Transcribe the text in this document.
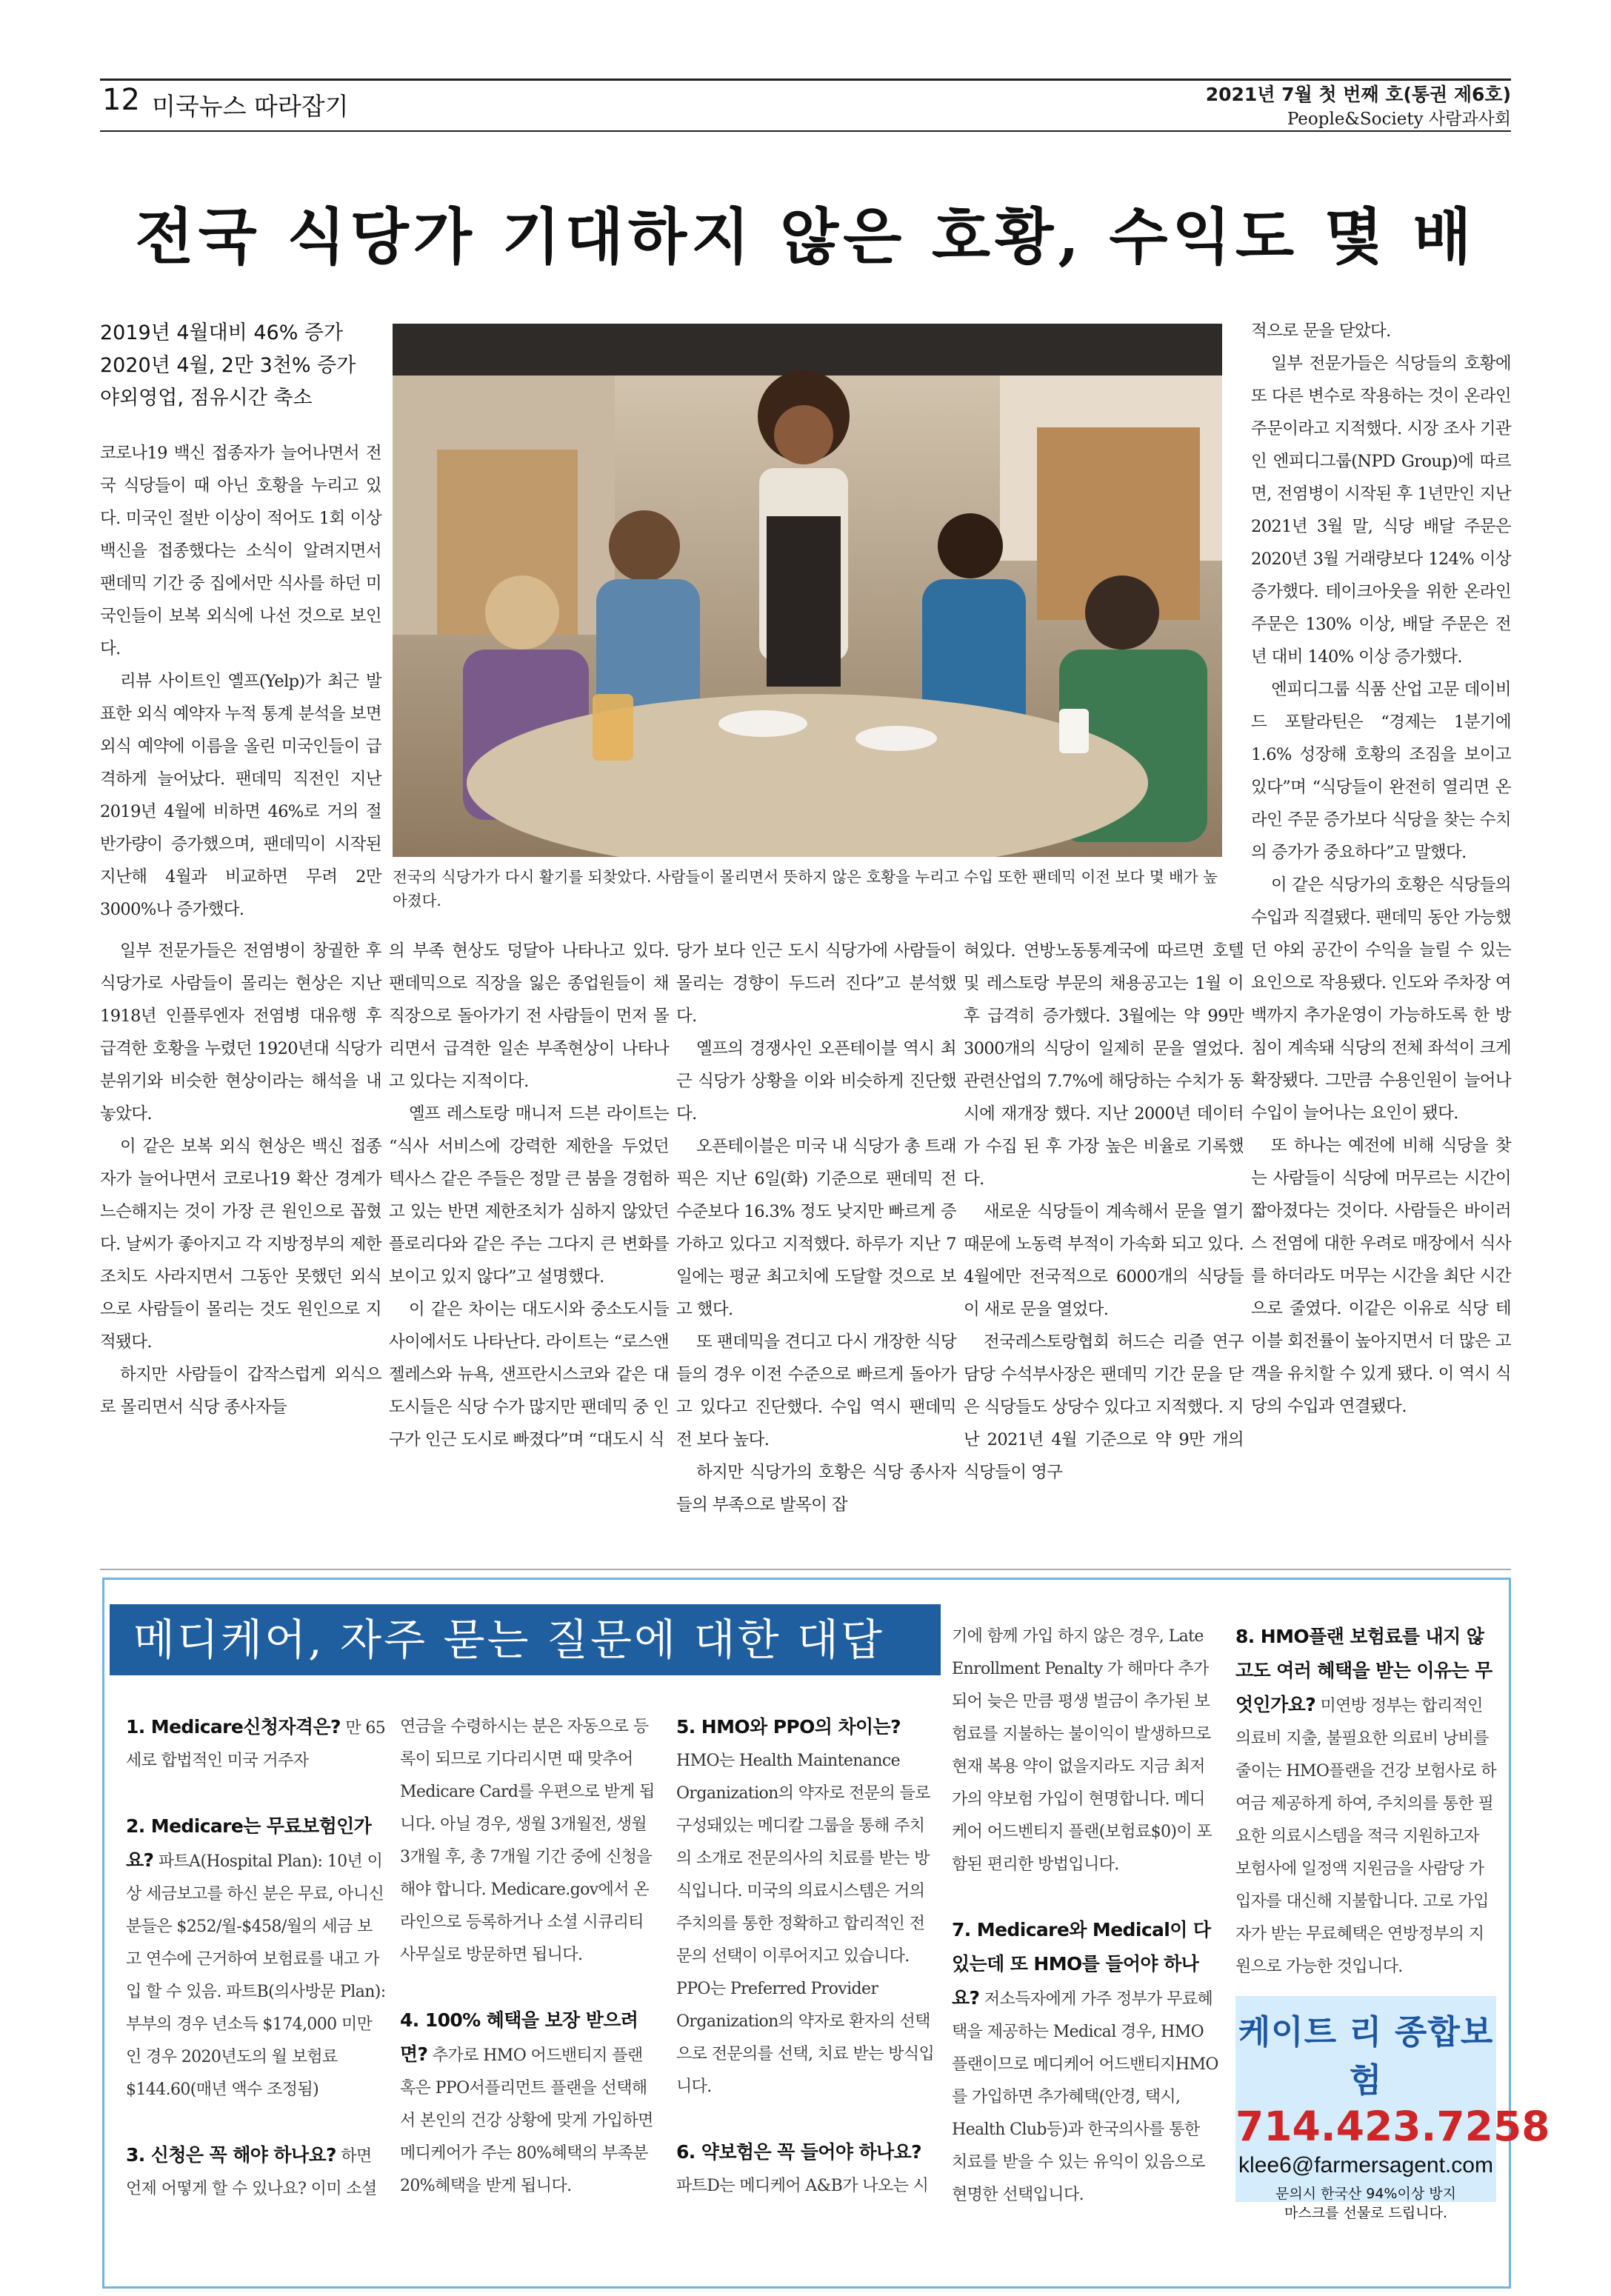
12 미국뉴스 따라잡기	2021년 7월 첫 번째 호(통권 제6호)
People&Society 사람과사회
전국 식당가 기대하지 않은 호황, 수익도 몇 배
2019년 4월대비 46% 증가
2020년 4월, 2만 3천% 증가
야외영업, 점유시간 축소

코로나19 백신 접종자가 늘어나면서 전국 식당들이 때 아닌 호황을 누리고 있다. 미국인 절반 이상이 적어도 1회 이상 백신을 접종했다는 소식이 알려지면서 팬데믹 기간 중 집에서만 식사를 하던 미국인들이 보복 외식에 나선 것으로 보인다.

리뷰 사이트인 옐프(Yelp)가 최근 발표한 외식 예약자 누적 통계 분석을 보면 외식 예약에 이름을 올린 미국인들이 급격하게 늘어났다. 팬데믹 직전인 지난 2019년 4월에 비하면 46%로 거의 절반가량이 증가했으며, 팬데믹이 시작된 지난해 4월과 비교하면 무려 2만 3000%나 증가했다.

전국의 식당가가 다시 활기를 되찾았다. 사람들이 몰리면서 뜻하지 않은 호황을 누리고 수입 또한 팬데믹 이전 보다 몇 배가 높아졌다.

일부 전문가들은 전염병이 창궐한 후 식당가로 사람들이 몰리는 현상은 지난 1918년 인플루엔자 전염병 대유행 후 급격한 호황을 누렸던 1920년대 식당가 분위기와 비슷한 현상이라는 해석을 내놓았다.

이 같은 보복 외식 현상은 백신 접종자가 늘어나면서 코로나19 확산 경계가 느슨해지는 것이 가장 큰 원인으로 꼽혔다. 날씨가 좋아지고 각 지방정부의 제한조치도 사라지면서 그동안 못했던 외식으로 사람들이 몰리는 것도 원인으로 지적됐다.

하지만 사람들이 갑작스럽게 외식으로 몰리면서 식당 종사자들

의 부족 현상도 덩달아 나타나고 있다. 팬데믹으로 직장을 잃은 종업원들이 채 직장으로 돌아가기 전 사람들이 먼저 몰리면서 급격한 일손 부족현상이 나타나고 있다는 지적이다.

옐프 레스토랑 매니저 드븐 라이트는 “식사 서비스에 강력한 제한을 두었던 텍사스 같은 주들은 정말 큰 붐을 경험하고 있는 반면 제한조치가 심하지 않았던 플로리다와 같은 주는 그다지 큰 변화를 보이고 있지 않다”고 설명했다.

이 같은 차이는 대도시와 중소도시들 사이에서도 나타난다. 라이트는 “로스앤젤레스와 뉴욕, 샌프란시스코와 같은 대도시들은 식당 수가 많지만 팬데믹 중 인구가 인근 도시로 빠졌다”며 “대도시 식

당가 보다 인근 도시 식당가에 사람들이 몰리는 경향이 두드러 진다”고 분석했다.

옐프의 경쟁사인 오픈테이블 역시 최근 식당가 상황을 이와 비슷하게 진단했다.

오픈테이블은 미국 내 식당가 총 트래픽은 지난 6일(화) 기준으로 팬데믹 전 수준보다 16.3% 정도 낮지만 빠르게 증가하고 있다고 지적했다. 하루가 지난 7일에는 평균 최고치에 도달할 것으로 보고 했다.

또 팬데믹을 견디고 다시 개장한 식당들의 경우 이전 수준으로 빠르게 돌아가고 있다고 진단했다. 수입 역시 팬데믹 전 보다 높다.

하지만 식당가의 호황은 식당 종사자들의 부족으로 발목이 잡

혀있다. 연방노동통계국에 따르면 호텔 및 레스토랑 부문의 채용공고는 1월 이후 급격히 증가했다. 3월에는 약 99만 3000개의 식당이 일제히 문을 열었다. 관련산업의 7.7%에 해당하는 수치가 동시에 재개장 했다. 지난 2000년 데이터가 수집 된 후 가장 높은 비율로 기록했다.

새로운 식당들이 계속해서 문을 열기 때문에 노동력 부적이 가속화 되고 있다. 4월에만 전국적으로 6000개의 식당들이 새로 문을 열었다.

전국레스토랑협회 허드슨 리즐 연구담당 수석부사장은 팬데믹 기간 문을 닫은 식당들도 상당수 있다고 지적했다. 지난 2021년 4월 기준으로 약 9만 개의 식당들이 영구

적으로 문을 닫았다.

일부 전문가들은 식당들의 호황에 또 다른 변수로 작용하는 것이 온라인 주문이라고 지적했다. 시장 조사 기관인 엔피디그룹(NPD Group)에 따르면, 전염병이 시작된 후 1년만인 지난 2021년 3월 말, 식당 배달 주문은 2020년 3월 거래량보다 124% 이상 증가했다. 테이크아웃을 위한 온라인 주문은 130% 이상, 배달 주문은 전년 대비 140% 이상 증가했다.

엔피디그룹 식품 산업 고문 데이비드 포탈라틴은 “경제는 1분기에 1.6% 성장해 호황의 조짐을 보이고 있다”며 “식당들이 완전히 열리면 온라인 주문 증가보다 식당을 찾는 수치의 증가가 중요하다”고 말했다.

이 같은 식당가의 호황은 식당들의 수입과 직결됐다. 팬데믹 동안 가능했던 야외 공간이 수익을 늘릴 수 있는 요인으로 작용됐다. 인도와 주차장 여백까지 추가운영이 가능하도록 한 방침이 계속돼 식당의 전체 좌석이 크게 확장됐다. 그만큼 수용인원이 늘어나 수입이 늘어나는 요인이 됐다.

또 하나는 예전에 비해 식당을 찾는 사람들이 식당에 머무르는 시간이 짧아졌다는 것이다. 사람들은 바이러스 전염에 대한 우려로 매장에서 식사를 하더라도 머무는 시간을 최단 시간으로 줄였다. 이같은 이유로 식당 테이블 회전률이 높아지면서 더 많은 고객을 유치할 수 있게 됐다. 이 역시 식당의 수입과 연결됐다.

메디케어, 자주 묻는 질문에 대한 대답
1. Medicare신청자격은? 만 65세로 합법적인 미국 거주자
2. Medicare는 무료보험인가요? 파트A(Hospital Plan): 10년 이상 세금보고를 하신 분은 무료, 아니신 분들은 $252/월-$458/월의 세금 보고 연수에 근거하여 보험료를 내고 가입 할 수 있음. 파트B(의사방문 Plan): 부부의 경우 년소득 $174,000 미만인 경우 2020년도의 월 보험료 $144.60(매년 액수 조정됨)
3. 신청은 꼭 해야 하나요? 하면 언제 어떻게 할 수 있나요? 이미 소셜
연금을 수령하시는 분은 자동으로 등록이 되므로 기다리시면 때 맞추어 Medicare Card를 우편으로 받게 됩니다. 아닐 경우, 생월 3개월전, 생월 3개월 후, 총 7개월 기간 중에 신청을 해야 합니다. Medicare.gov에서 온라인으로 등록하거나 소셜 시큐리티 사무실로 방문하면 됩니다.
4. 100% 혜택을 보장 받으려면? 추가로 HMO 어드밴티지 플랜 혹은 PPO서플리먼트 플랜을 선택해서 본인의 건강 상황에 맞게 가입하면 메디케어가 주는 80%혜택의 부족분 20%혜택을 받게 됩니다.
5. HMO와 PPO의 차이는? HMO는 Health Maintenance Organization의 약자로 전문의 들로 구성돼있는 메디칼 그룹을 통해 주치의 소개로 전문의사의 치료를 받는 방식입니다. 미국의 의료시스템은 거의 주치의를 통한 정확하고 합리적인 전문의 선택이 이루어지고 있습니다. PPO는 Preferred Provider Organization의 약자로 환자의 선택으로 전문의를 선택, 치료 받는 방식입니다.
6. 약보험은 꼭 들어야 하나요? 파트D는 메디케어 A&B가 나오는 시
기에 함께 가입 하지 않은 경우, Late Enrollment Penalty 가 해마다 추가되어 늦은 만큼 평생 벌금이 추가된 보험료를 지불하는 불이익이 발생하므로 현재 복용 약이 없을지라도 지금 최저가의 약보험 가입이 현명합니다. 메디케어 어드벤티지 플랜(보험료$0)이 포함된 편리한 방법입니다.
7. Medicare와 Medical이 다 있는데 또 HMO를 들어야 하나요? 저소득자에게 가주 정부가 무료혜택을 제공하는 Medical 경우, HMO플랜이므로 메디케어 어드밴티지HMO를 가입하면 추가혜택(안경, 택시, Health Club등)과 한국의사를 통한 치료를 받을 수 있는 유익이 있음으로 현명한 선택입니다.
8. HMO플랜 보험료를 내지 않고도 여러 혜택을 받는 이유는 무엇인가요? 미연방 정부는 합리적인 의료비 지출, 불필요한 의료비 낭비를 줄이는 HMO플랜을 건강 보험사로 하여금 제공하게 하여, 주치의를 통한 필요한 의료시스템을 적극 지원하고자 보험사에 일정액 지원금을 사람당 가입자를 대신해 지불합니다. 고로 가입자가 받는 무료혜택은 연방정부의 지원으로 가능한 것입니다.
케이트 리 종합보험
714.423.7258
klee6@farmersagent.com
문의시 한국산 94%이상 방지
마스크를 선물로 드립니다.
